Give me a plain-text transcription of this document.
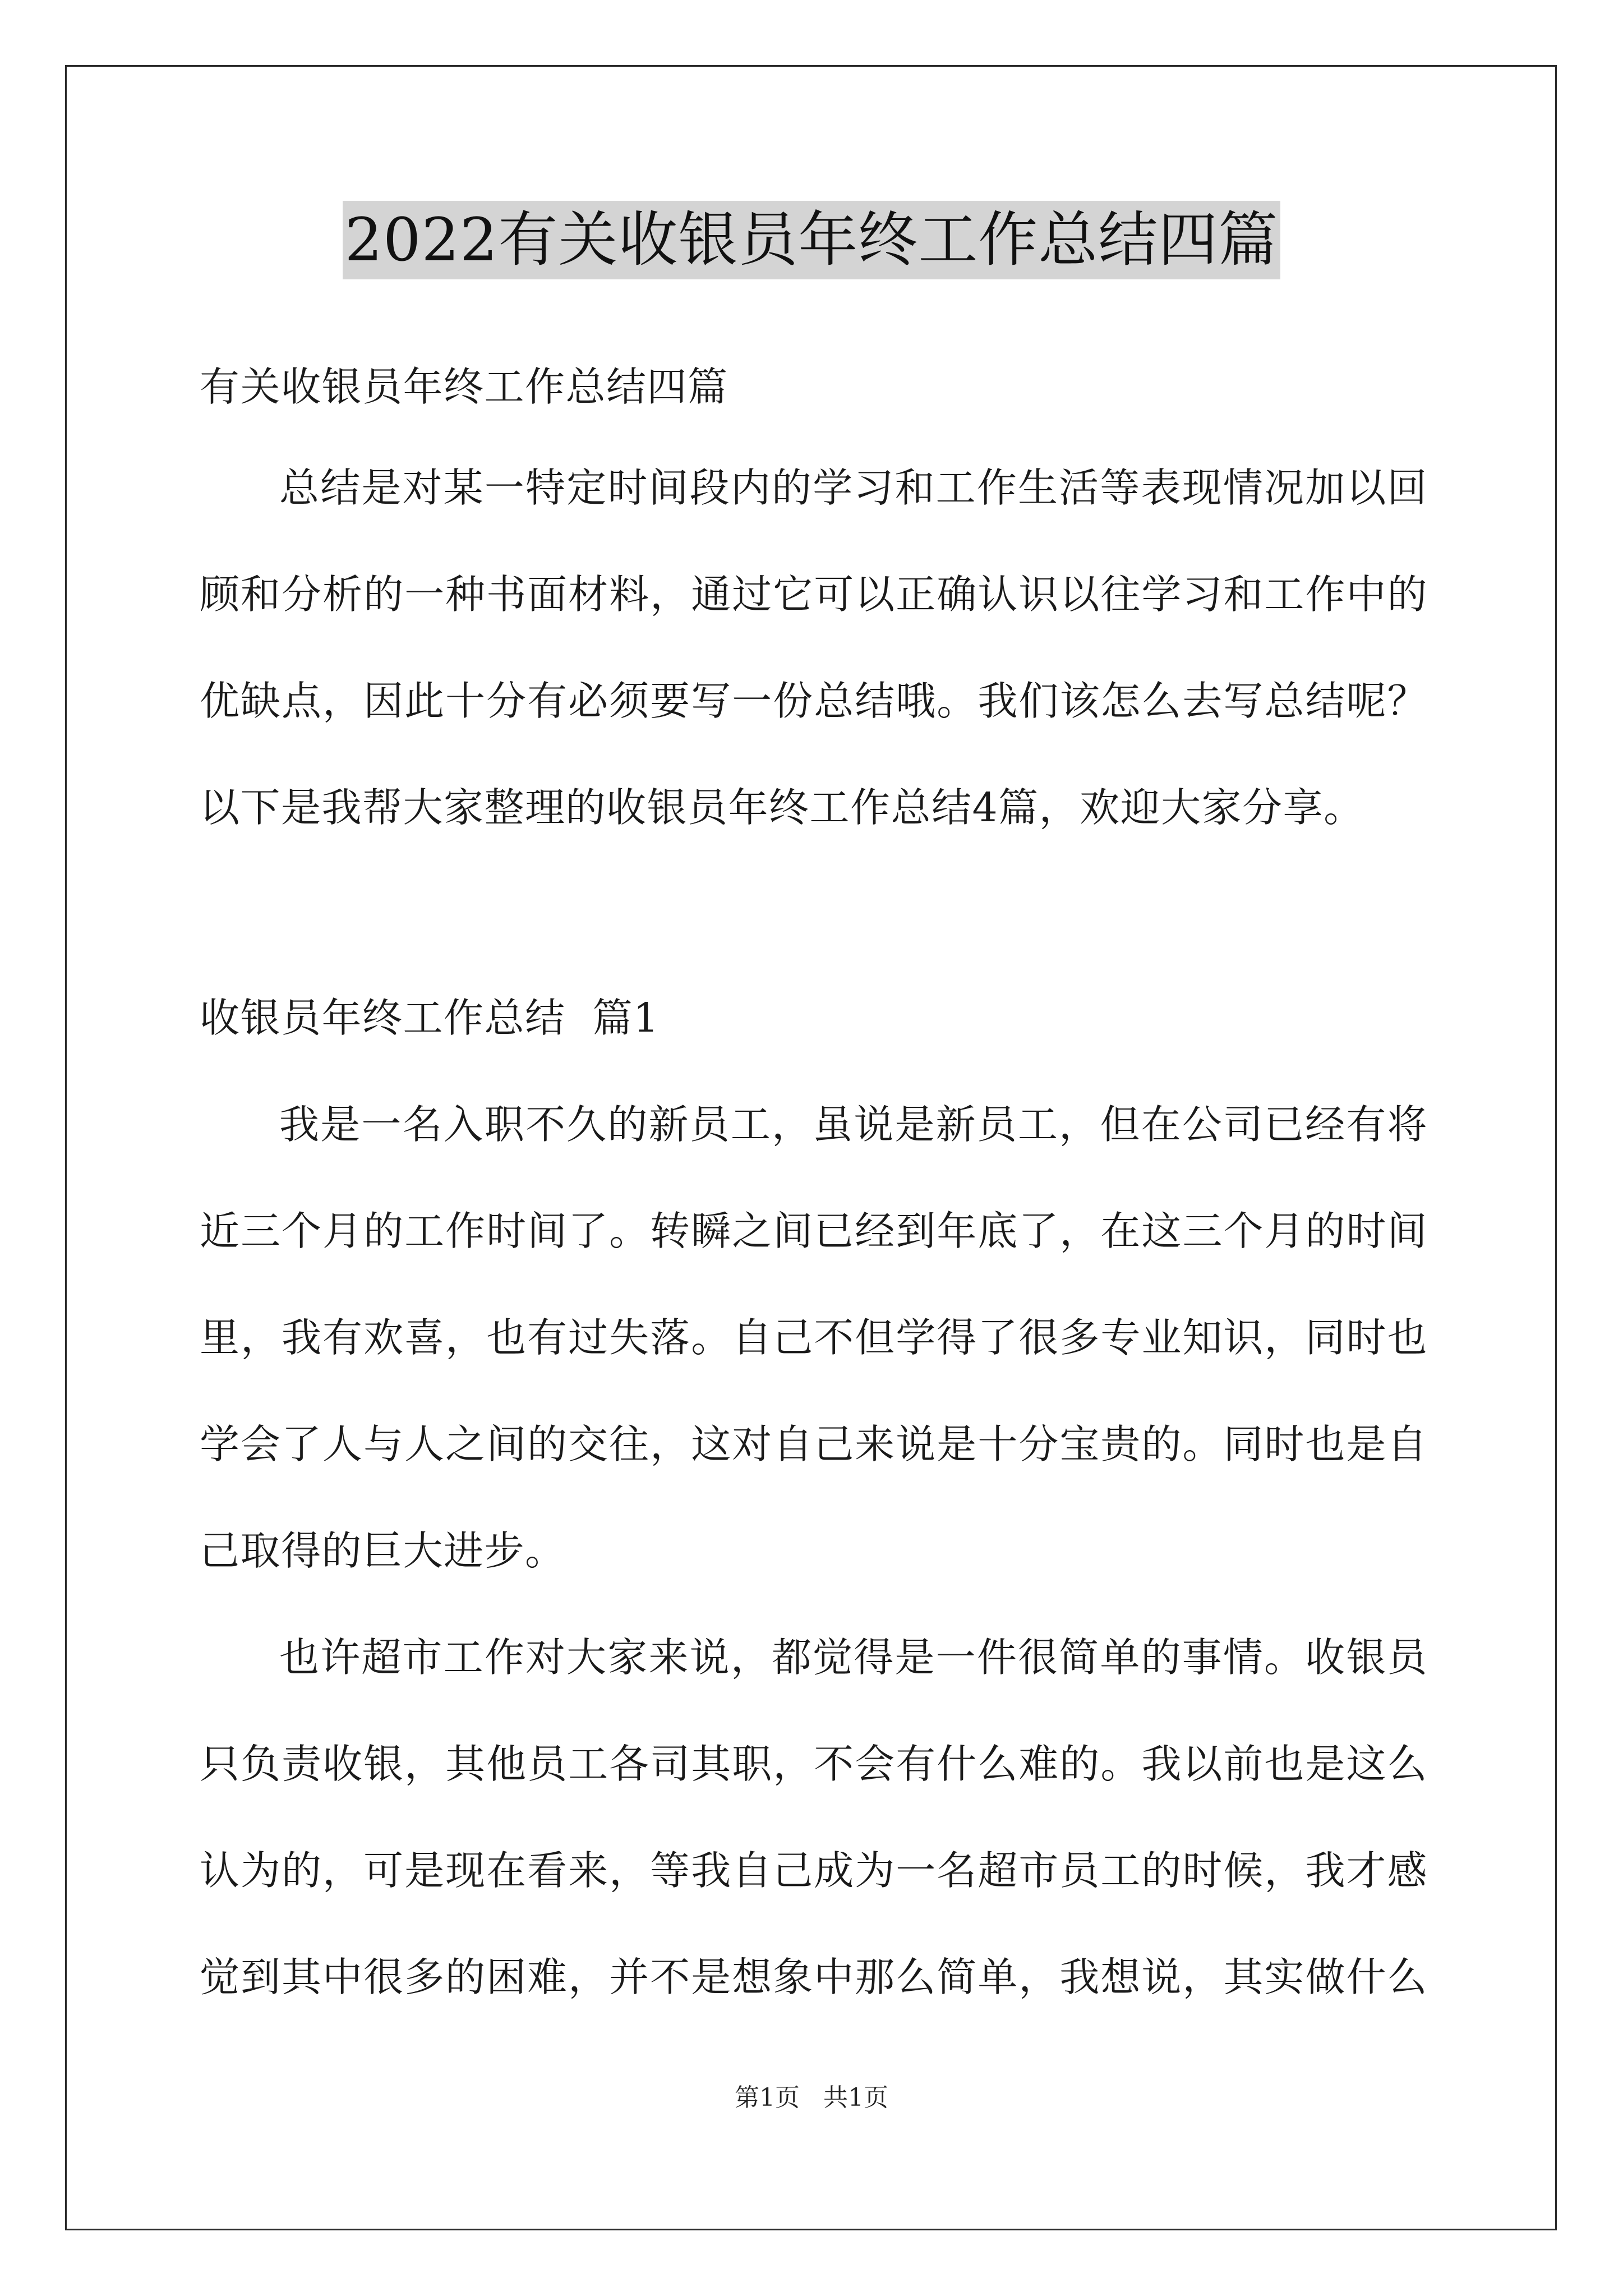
2022有关收银员年终工作总结四篇
有关收银员年终工作总结四篇
总结是对某一特定时间段内的学习和工作生活等表现情况加以回
顾和分析的一种书面材料，通过它可以正确认识以往学习和工作中的
优缺点，因此十分有必须要写一份总结哦。我们该怎么去写总结呢？
以下是我帮大家整理的收银员年终工作总结4篇，欢迎大家分享。
收银员年终工作总结  篇1
我是一名入职不久的新员工，虽说是新员工，但在公司已经有将
近三个月的工作时间了。转瞬之间已经到年底了，在这三个月的时间
里，我有欢喜，也有过失落。自己不但学得了很多专业知识，同时也
学会了人与人之间的交往，这对自己来说是十分宝贵的。同时也是自
己取得的巨大进步。
也许超市工作对大家来说，都觉得是一件很简单的事情。收银员
只负责收银，其他员工各司其职，不会有什么难的。我以前也是这么
认为的，可是现在看来，等我自己成为一名超市员工的时候，我才感
觉到其中很多的困难，并不是想象中那么简单，我想说，其实做什么
第1页   共1页
